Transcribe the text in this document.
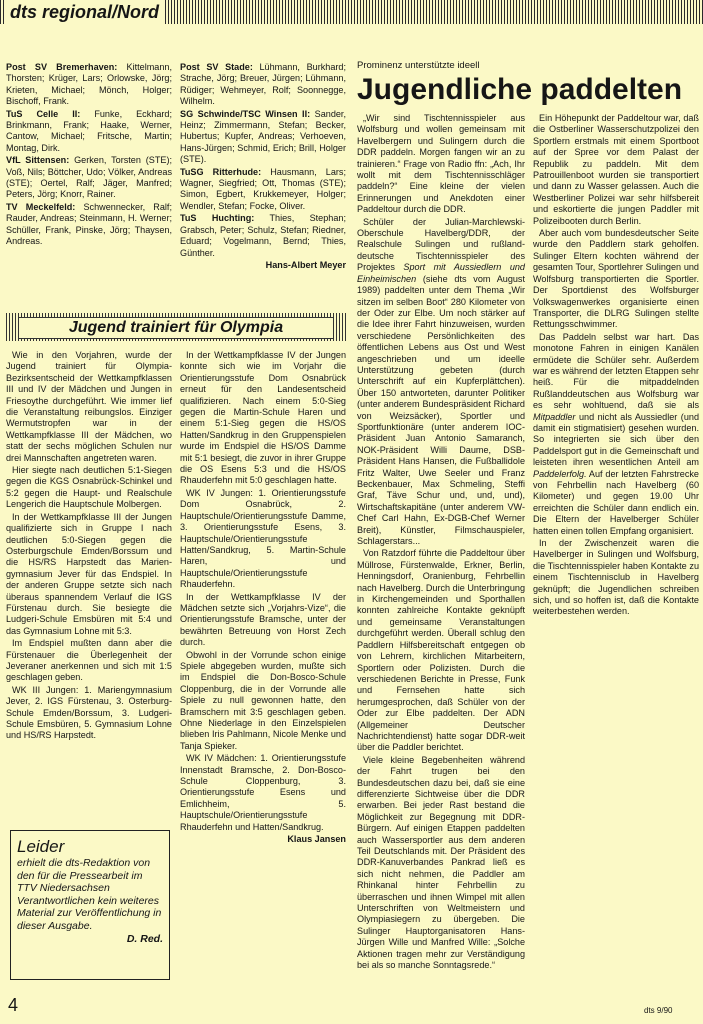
dts regional/Nord

Post SV Bremerhaven: Kittelmann, Thorsten; Krüger, Lars; Orlowske, Jörg; Krieten, Michael; Mönch, Holger; Bischoff, Frank.

TuS Celle II: Funke, Eckhard; Brinkmann, Frank; Haake, Werner, Cantow, Michael; Fritsche, Martin; Montag, Dirk.

VfL Sittensen: Gerken, Torsten (STE); Voß, Nils; Böttcher, Udo; Völker, Andreas (STE); Oertel, Ralf; Jäger, Manfred; Peters, Jörg; Knorr, Rainer.

TV Meckelfeld: Schwennecker, Ralf; Rauder, Andreas; Steinmann, H. Werner; Schüller, Frank, Pinske, Jörg; Thaysen, Andreas.

Post SV Stade: Lühmann, Burkhard; Strache, Jörg; Breuer, Jürgen; Lühmann, Rüdiger; Wehmeyer, Rolf; Soonnegge, Wilhelm.

SG Schwinde/TSC Winsen II: Sander, Heinz; Zimmermann, Stefan; Becker, Hubertus; Kupfer, Andreas; Verhoeven, Hans-Jürgen; Schmid, Erich; Brill, Holger (STE).

TuSG Ritterhude: Hausmann, Lars; Wagner, Siegfried; Ott, Thomas (STE); Simon, Egbert, Krukkemeyer, Holger; Wendler, Stefan; Focke, Oliver.

TuS Huchting: Thies, Stephan; Grabsch, Peter; Schulz, Stefan; Riedner, Eduard; Vogelmann, Bernd; Thies, Günther.

Hans-Albert Meyer

Jugend trainiert für Olympia

Wie in den Vorjahren, wurde der Jugend trainiert für Olympia-Bezirksentscheid der Wettkampfklassen III und IV der Mädchen und Jungen in Friesoythe durchgeführt. Wie immer lief die Veranstaltung reibungslos. Einziger Wermutstropfen war in der Wettkampfklasse III der Mädchen, wo statt der sechs möglichen Schulen nur drei Mannschaften angetreten waren.

Hier siegte nach deutlichen 5:1-Siegen gegen die KGS Osnabrück-Schinkel und 5:2 gegen die Haupt- und Realschule Lengerich die Hauptschule Molbergen.

In der Wettkampfklasse III der Jungen qualifizierte sich in Gruppe I nach deutlichen 5:0-Siegen gegen die Osterburgschule Emden/Borssum und die HS/RS Harpstedt das Marien-gymnasium Jever für das Endspiel. In der anderen Gruppe setzte sich nach überaus spannendem Verlauf die IGS Fürstenau durch. Sie besiegte die Ludgeri-Schule Emsbüren mit 5:4 und das Gymnasium Lohne mit 5:3.

Im Endspiel mußten dann aber die Fürstenauer die Überlegenheit der Jeveraner anerkennen und sich mit 1:5 geschlagen geben.

WK III Jungen: 1. Mariengymnasium Jever, 2. IGS Fürstenau, 3. Osterburg-Schule Emden/Borssum, 3. Ludgeri-Schule Emsbüren, 5. Gymnasium Lohne und HS/RS Harpstedt.

In der Wettkampfklasse IV der Jungen konnte sich wie im Vorjahr die Orientierungsstufe Dom Osnabrück erneut für den Landesentscheid qualifizieren. Nach einem 5:0-Sieg gegen die Martin-Schule Haren und einem 5:1-Sieg gegen die HS/OS Hatten/Sandkrug in den Gruppenspielen wurde im Endspiel die HS/OS Damme mit 5:1 besiegt, die zuvor in ihrer Gruppe die OS Esens 5:3 und die HS/OS Rhauderfehn mit 5:0 geschlagen hatte.

WK IV Jungen: 1. Orientierungsstufe Dom Osnabrück, 2. Hauptschule/Orientierungsstufe Damme, 3. Orientierungsstufe Esens, 3. Hauptschule/Orientierungsstufe Hatten/Sandkrug, 5. Martin-Schule Haren, und Hauptschule/Orientierungsstufe Rhauderfehn.

In der Wettkampfklasse IV der Mädchen setzte sich „Vorjahrs-Vize“, die Orientierungsstufe Bramsche, unter der bewährten Betreuung von Horst Zech durch.

Obwohl in der Vorrunde schon einige Spiele abgegeben wurden, mußte sich im Endspiel die Don-Bosco-Schule Cloppenburg, die in der Vorrunde alle Spiele zu null gewonnen hatte, den Bramschern mit 3:5 geschlagen geben. Ohne Niederlage in den Einzelspielen blieben Iris Pahlmann, Nicole Menke und Tanja Spieker.

WK IV Mädchen: 1. Orientierungsstufe Innenstadt Bramsche, 2. Don-Bosco-Schule Cloppenburg, 3. Orientierungsstufe Esens und Emlichheim, 5. Hauptschule/Orientierungsstufe Rhauderfehn und Hatten/Sandkrug.

Klaus Jansen

Leider
erhielt die dts-Redaktion von den für die Pressearbeit im TTV Niedersachsen Verantwortlichen kein weiteres Material zur Veröffentlichung in dieser Ausgabe.
D. Red.
Prominenz unterstützte ideell
Jugendliche paddelten

„Wir sind Tischtennisspieler aus Wolfsburg und wollen gemeinsam mit Havelbergern und Sulingern durch die DDR paddeln. Morgen fangen wir an zu trainieren.“ Frage von Radio ffn: „Ach, Ihr wollt mit dem Tischtennisschläger paddeln?“ Eine kleine der vielen Erinnerungen und Anekdoten einer Paddeltour durch die DDR.

Schüler der Julian-Marchlewski-Oberschule Havelberg/DDR, der Realschule Sulingen und rußland-deutsche Tischtennisspieler des Projektes Sport mit Aussiedlern und Einheimischen (siehe dts vom August 1989) paddelten unter dem Thema „Wir sitzen im selben Boot“ 280 Kilometer von der Oder zur Elbe. Um noch stärker auf die Idee ihrer Fahrt hinzuweisen, wurden verschiedene Persönlichkeiten des öffentlichen Lebens aus Ost und West angeschrieben und um ideelle Unterstützung gebeten (durch Unterschrift auf ein Kupferplättchen). Über 150 antworteten, darunter Politiker (unter anderem Bundespräsident Richard von Weizsäcker), Sportler und Sportfunktionäre (unter anderem IOC-Präsident Juan Antonio Samaranch, NOK-Präsident Willi Daume, DSB-Präsident Hans Hansen, die Fußballidole Fritz Walter, Uwe Seeler und Franz Beckenbauer, Max Schmeling, Steffi Graf, Täve Schur und, und, und), Wirtschaftskapitäne (unter anderem VW-Chef Carl Hahn, Ex-DGB-Chef Werner Breit), Künstler, Filmschauspieler, Schlagerstars...

Von Ratzdorf führte die Paddeltour über Müllrose, Fürstenwalde, Erkner, Berlin, Henningsdorf, Oranienburg, Fehrbellin nach Havelberg. Durch die Unterbringung in Kirchengemeinden und Sporthallen konnten zahlreiche Kontakte geknüpft und gemeinsame Veranstaltungen durchgeführt werden. Überall schlug den Paddlern Hilfsbereitschaft entgegen ob von Lehrern, kirchlichen Mitarbeitern, Sportlern oder Polizisten. Durch die verschiedenen Berichte in Presse, Funk und Fernsehen hatte sich herumgesprochen, daß Schüler von der Oder zur Elbe paddelten. Der ADN (Allgemeiner Deutscher Nachrichtendienst) hatte sogar DDR-weit über die Paddler berichtet.

Viele kleine Begebenheiten während der Fahrt trugen bei den Bundesdeutschen dazu bei, daß sie eine differenzierte Sichtweise über die DDR erwarben. Bei jeder Rast bestand die Möglichkeit zur Begegnung mit DDR-Bürgern. Auf einigen Etappen paddelten auch Wassersportler aus dem anderen Teil Deutschlands mit. Der Präsident des DDR-Kanuverbandes Pankrad ließ es sich nicht nehmen, die Paddler am Rhinkanal hinter Fehrbellin zu überraschen und ihnen Wimpel mit allen Unterschriften von Weltmeistern und Olympiasiegern zu übergeben. Die Sulinger Hauptorganisatoren Hans-Jürgen Wille und Manfred Wille: „Solche Aktionen tragen mehr zur Verständigung bei als so manche Sonntagsrede.“

Ein Höhepunkt der Paddeltour war, daß die Ostberliner Wasserschutzpolizei den Sportlern erstmals mit einem Sportboot auf der Spree vor dem Palast der Republik zu paddeln. Mit dem Patrouillenboot wurden sie transportiert und dann zu Wasser gelassen. Auch die Westberliner Polizei war sehr hilfsbereit und eskortierte die jungen Paddler mit Polizeibooten durch Berlin.

Aber auch vom bundesdeutscher Seite wurde den Paddlern stark geholfen. Sulinger Eltern kochten während der gesamten Tour, Sportlehrer Sulingen und Wolfsburg transportierten die Sportler. Der Sportdienst des Wolfsburger Volkswagenwerkes organisierte einen Transporter, die DLRG Sulingen stellte Rettungsschwimmer.

Das Paddeln selbst war hart. Das monotone Fahren in einigen Kanälen ermüdete die Schüler sehr. Außerdem war es während der letzten Etappen sehr heiß. Für die mitpaddelnden Rußlanddeutschen aus Wolfsburg war es sehr wohltuend, daß sie als Mitpaddler und nicht als Aussiedler (und damit ein stigmatisiert) gesehen wurden. So integrierten sie sich über den Paddelsport gut in die Gemeinschaft und leisteten ihren wesentlichen Anteil am Paddelerfolg. Auf der letzten Fahrstrecke von Fehrbellin nach Havelberg (60 Kilometer) und gegen 19.00 Uhr erreichten die Schüler dann endlich ein. Die Eltern der Havelberger Schüler hatten einen tollen Empfang organisiert.

In der Zwischenzeit waren die Havelberger in Sulingen und Wolfsburg, die Tischtennisspieler haben Kontakte zu einem Tischtennisclub in Havelberg geknüpft; die Jugendlichen schreiben sich, und so hoffen ist, daß die Kontakte weiterbestehen werden.

4	dts 9/90
